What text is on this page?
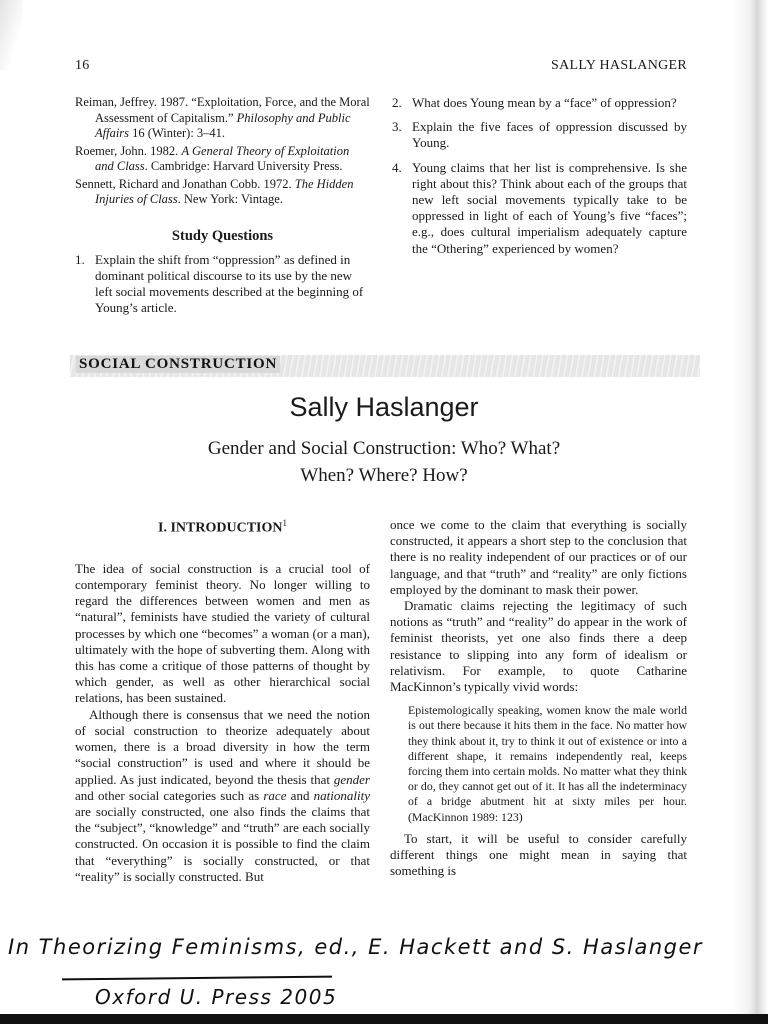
16	SALLY HASLANGER

Reiman, Jeffrey. 1987. “Exploitation, Force, and the Moral Assessment of Capitalism.” Philosophy and Public Affairs 16 (Winter): 3–41.

Roemer, John. 1982. A General Theory of Exploitation and Class. Cambridge: Harvard University Press.

Sennett, Richard and Jonathan Cobb. 1972. The Hidden Injuries of Class. New York: Vintage.

Study Questions
1. Explain the shift from “oppression” as defined in dominant political discourse to its use by the new left social movements described at the beginning of Young’s article.
2. What does Young mean by a “face” of oppression?
3. Explain the five faces of oppression discussed by Young.
4. Young claims that her list is comprehensive. Is she right about this? Think about each of the groups that new left social movements typically take to be oppressed in light of each of Young’s five “faces”; e.g., does cultural imperialism adequately capture the “Othering” experienced by women?
SOCIAL CONSTRUCTION
Sally Haslanger
Gender and Social Construction: Who? What?
When? Where? How?
I. INTRODUCTION$^1$

The idea of social construction is a crucial tool of contemporary feminist theory. No longer willing to regard the differences between women and men as “natural”, feminists have studied the variety of cultural processes by which one “becomes” a woman (or a man), ultimately with the hope of subverting them. Along with this has come a critique of those patterns of thought by which gender, as well as other hierarchical social relations, has been sustained.

Although there is consensus that we need the notion of social construction to theorize adequately about women, there is a broad diversity in how the term “social construction” is used and where it should be applied. As just indicated, beyond the thesis that gender and other social categories such as race and nationality are socially constructed, one also finds the claims that the “subject”, “knowledge” and “truth” are each socially constructed. On occasion it is possible to find the claim that “everything” is socially constructed, or that “reality” is socially constructed. But

once we come to the claim that everything is socially constructed, it appears a short step to the conclusion that there is no reality independent of our practices or of our language, and that “truth” and “reality” are only fictions employed by the dominant to mask their power.

Dramatic claims rejecting the legitimacy of such notions as “truth” and “reality” do appear in the work of feminist theorists, yet one also finds there a deep resistance to slipping into any form of idealism or relativism. For example, to quote Catharine MacKinnon’s typically vivid words:

Epistemologically speaking, women know the male world is out there because it hits them in the face. No matter how they think about it, try to think it out of existence or into a different shape, it remains independently real, keeps forcing them into certain molds. No matter what they think or do, they cannot get out of it. It has all the indeterminacy of a bridge abutment hit at sixty miles per hour. (MacKinnon 1989: 123)

To start, it will be useful to consider carefully different things one might mean in saying that something is

In Theorizing Feminisms, ed., E. Hackett and S. Haslanger
Oxford U. Press 2005
